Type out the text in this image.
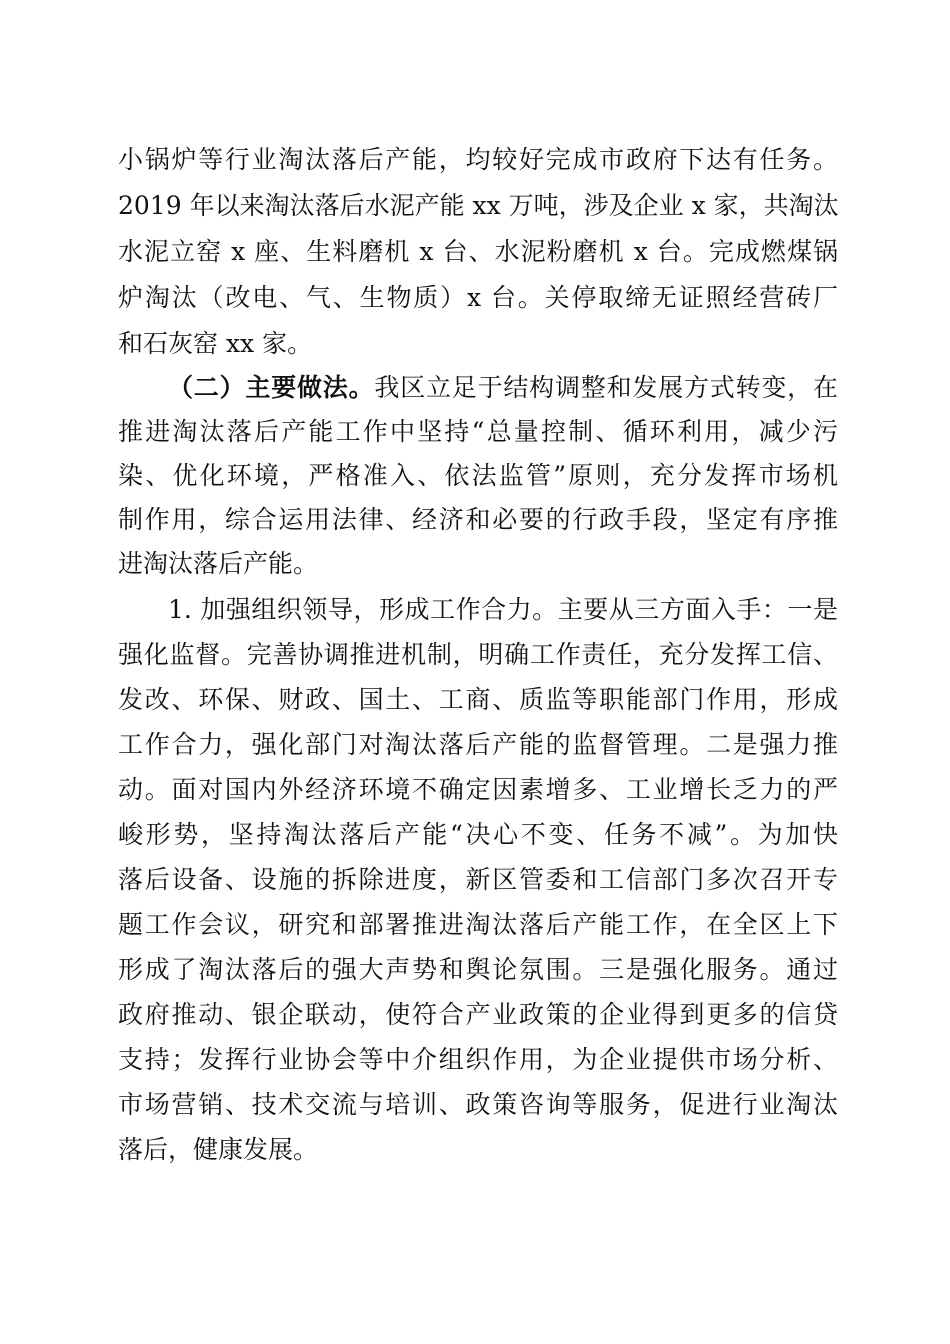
小锅炉等行业淘汰落后产能，均较好完成市政府下达有任务。
2019 年以来淘汰落后水泥产能 xx 万吨，涉及企业 x 家，共淘汰
水泥立窑 x 座、生料磨机 x 台、水泥粉磨机 x 台。完成燃煤锅
炉淘汰（改电、气、生物质）x 台。关停取缔无证照经营砖厂
和石灰窑 xx 家。
（二）主要做法。我区立足于结构调整和发展方式转变，在
推进淘汰落后产能工作中坚持“总量控制、循环利用，减少污
染、优化环境，严格准入、依法监管”原则，充分发挥市场机
制作用，综合运用法律、经济和必要的行政手段，坚定有序推
进淘汰落后产能。
1. 加强组织领导，形成工作合力。主要从三方面入手：一是
强化监督。完善协调推进机制，明确工作责任，充分发挥工信、
发改、环保、财政、国土、工商、质监等职能部门作用，形成
工作合力，强化部门对淘汰落后产能的监督管理。二是强力推
动。面对国内外经济环境不确定因素增多、工业增长乏力的严
峻形势，坚持淘汰落后产能“决心不变、任务不减”。为加快
落后设备、设施的拆除进度，新区管委和工信部门多次召开专
题工作会议，研究和部署推进淘汰落后产能工作，在全区上下
形成了淘汰落后的强大声势和舆论氛围。三是强化服务。通过
政府推动、银企联动，使符合产业政策的企业得到更多的信贷
支持；发挥行业协会等中介组织作用，为企业提供市场分析、
市场营销、技术交流与培训、政策咨询等服务，促进行业淘汰
落后，健康发展。
